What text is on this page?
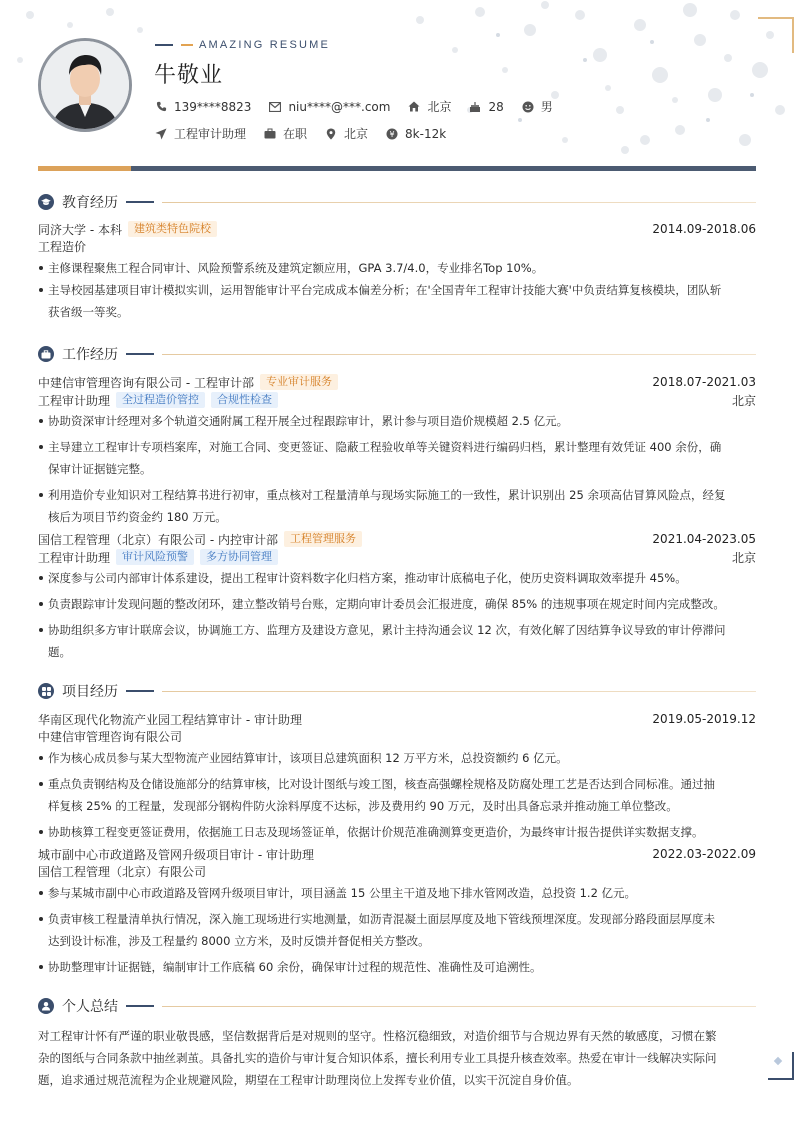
AMAZING RESUME
牛敬业
139****8823	niu****@***.com	北京	28	男
工程审计助理	在职	北京	¥ 8k-12k
教育经历
同济大学 - 本科	建筑类特色院校	2014.09-2018.06
工程造价
主修课程聚焦工程合同审计、风险预警系统及建筑定额应用，GPA 3.7/4.0，专业排名Top 10%。
主导校园基建项目审计模拟实训，运用智能审计平台完成成本偏差分析；在'全国青年工程审计技能大赛'中负责结算复核模块，团队斩
获省级一等奖。
工作经历
中建信审管理咨询有限公司 - 工程审计部	专业审计服务	2018.07-2021.03
工程审计助理	全过程造价管控	合规性检查	北京
协助资深审计经理对多个轨道交通附属工程开展全过程跟踪审计，累计参与项目造价规模超 2.5 亿元。
主导建立工程审计专项档案库，对施工合同、变更签证、隐蔽工程验收单等关键资料进行编码归档，累计整理有效凭证 400 余份，确
保审计证据链完整。
利用造价专业知识对工程结算书进行初审，重点核对工程量清单与现场实际施工的一致性，累计识别出 25 余项高估冒算风险点，经复
核后为项目节约资金约 180 万元。
国信工程管理（北京）有限公司 - 内控审计部	工程管理服务	2021.04-2023.05
工程审计助理	审计风险预警	多方协同管理	北京
深度参与公司内部审计体系建设，提出工程审计资料数字化归档方案，推动审计底稿电子化，使历史资料调取效率提升 45%。
负责跟踪审计发现问题的整改闭环，建立整改销号台账，定期向审计委员会汇报进度，确保 85% 的违规事项在规定时间内完成整改。
协助组织多方审计联席会议，协调施工方、监理方及建设方意见，累计主持沟通会议 12 次，有效化解了因结算争议导致的审计停滞问
题。
项目经历
华南区现代化物流产业园工程结算审计 - 审计助理	2019.05-2019.12
中建信审管理咨询有限公司
作为核心成员参与某大型物流产业园结算审计，该项目总建筑面积 12 万平方米，总投资额约 6 亿元。
重点负责钢结构及仓储设施部分的结算审核，比对设计图纸与竣工图，核查高强螺栓规格及防腐处理工艺是否达到合同标准。通过抽
样复核 25% 的工程量，发现部分钢构件防火涂料厚度不达标，涉及费用约 90 万元，及时出具备忘录并推动施工单位整改。
协助核算工程变更签证费用，依据施工日志及现场签证单，依据计价规范准确测算变更造价，为最终审计报告提供详实数据支撑。
城市副中心市政道路及管网升级项目审计 - 审计助理	2022.03-2022.09
国信工程管理（北京）有限公司
参与某城市副中心市政道路及管网升级项目审计，项目涵盖 15 公里主干道及地下排水管网改造，总投资 1.2 亿元。
负责审核工程量清单执行情况，深入施工现场进行实地测量，如沥青混凝土面层厚度及地下管线预埋深度。发现部分路段面层厚度未
达到设计标准，涉及工程量约 8000 立方米，及时反馈并督促相关方整改。
协助整理审计证据链，编制审计工作底稿 60 余份，确保审计过程的规范性、准确性及可追溯性。
个人总结
对工程审计怀有严谨的职业敬畏感，坚信数据背后是对规则的坚守。性格沉稳细致，对造价细节与合规边界有天然的敏感度，习惯在繁
杂的图纸与合同条款中抽丝剥茧。具备扎实的造价与审计复合知识体系，擅长利用专业工具提升核查效率。热爱在审计一线解决实际问
题，追求通过规范流程为企业规避风险，期望在工程审计助理岗位上发挥专业价值，以实干沉淀自身价值。
